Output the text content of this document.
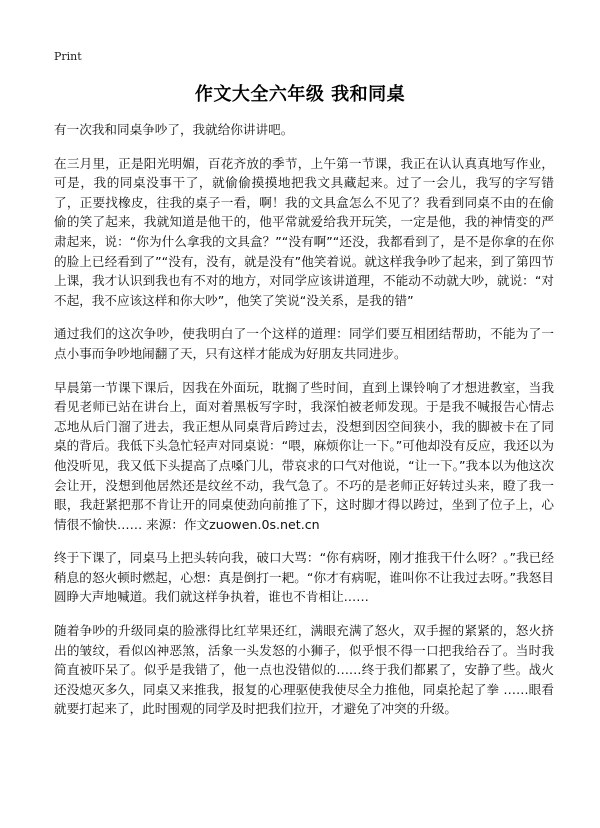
Print
作文大全六年级 我和同桌

有一次我和同桌争吵了，我就给你讲讲吧。

在三月里，正是阳光明媚，百花齐放的季节，上午第一节课，我正在认认真真地写作业，可是，我的同桌没事干了，就偷偷摸摸地把我文具藏起来。过了一会儿，我写的字写错了，正要找橡皮，往我的桌子一看，啊！我的文具盒怎么不见了？我看到同桌不由的在偷偷的笑了起来，我就知道是他干的，他平常就爱给我开玩笑，一定是他，我的神情变的严肃起来，说：“你为什么拿我的文具盒？”“没有啊”“还没，我都看到了，是不是你拿的在你的脸上已经看到了”“没有，没有，就是没有”他笑着说。就这样我争吵了起来，到了第四节上课，我才认识到我也有不对的地方，对同学应该讲道理，不能动不动就大吵，就说：“对不起，我不应该这样和你大吵”，他笑了笑说“没关系，是我的错”

通过我们的这次争吵，使我明白了一个这样的道理：同学们要互相团结帮助，不能为了一点小事而争吵地闹翻了天，只有这样才能成为好朋友共同进步。

早晨第一节课下课后，因我在外面玩，耽搁了些时间，直到上课铃响了才想进教室，当我看见老师已站在讲台上，面对着黑板写字时，我深怕被老师发现。于是我不喊报告心情忐忑地从后门溜了进去，我正想从同桌背后跨过去，没想到因空间狭小，我的脚被卡在了同桌的背后。我低下头急忙轻声对同桌说：“喂，麻烦你让一下。”可他却没有反应，我还以为他没听见，我又低下头提高了点嗓门儿，带哀求的口气对他说，“让一下。”我本以为他这次会让开，没想到他居然还是纹丝不动，我气急了。不巧的是老师正好转过头来，瞪了我一眼，我赶紧把那不肯让开的同桌使劲向前推了下，这时脚才得以跨过，坐到了位子上，心情很不愉快…… 来源：作文zuowen.0s.net.cn

终于下课了，同桌马上把头转向我，破口大骂：“你有病呀，刚才推我干什么呀？。”我已经稍息的怒火顿时燃起，心想：真是倒打一耙。“你才有病呢，谁叫你不让我过去呀。”我怒目圆睁大声地喊道。我们就这样争执着，谁也不肯相让……

随着争吵的升级同桌的脸涨得比红苹果还红，满眼充满了怒火，双手握的紧紧的，怒火挤出的皱纹，看似凶神恶煞，活象一头发怒的小狮子，似乎恨不得一口把我给吞了。当时我简直被吓呆了。似乎是我错了，他一点也没错似的……终于我们都累了，安静了些。战火还没熄灭多久，同桌又来推我，报复的心理驱使我使尽全力推他，同桌抡起了拳 ……眼看就要打起来了，此时围观的同学及时把我们拉开，才避免了冲突的升级。
